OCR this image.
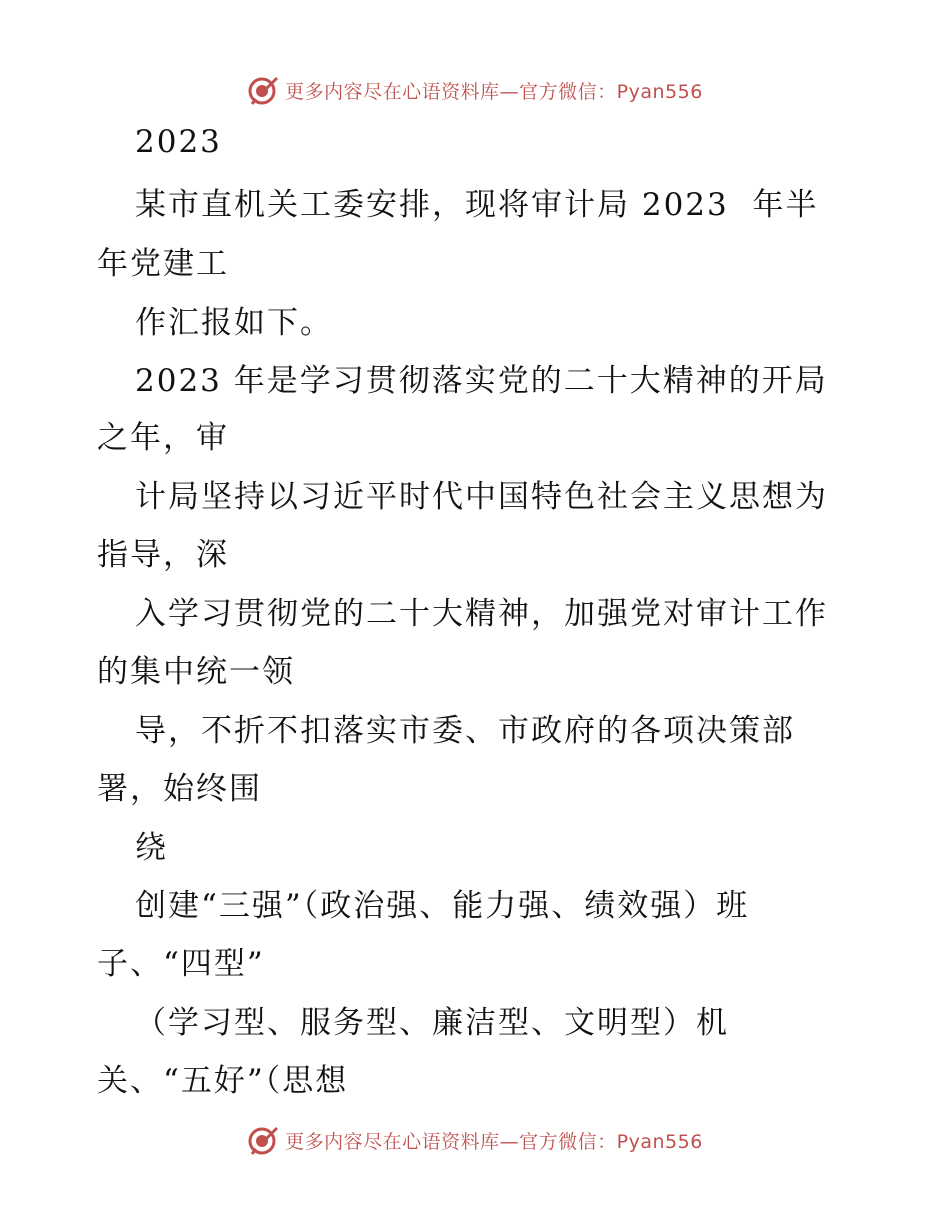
更多内容尽在心语资料库—官方微信：Pyan556
2023
某市直机关工委安排，现将审计局 2023  年半
年党建工
作汇报如下。
2023 年是学习贯彻落实党的二十大精神的开局
之年，审
计局坚持以习近平时代中国特色社会主义思想为
指导，深
入学习贯彻党的二十大精神，加强党对审计工作
的集中统一领
导，不折不扣落实市委、市政府的各项决策部
署，始终围
绕
创建“三强”（政治强、能力强、绩效强）班
子、“四型”
（学习型、服务型、廉洁型、文明型）机
关、“五好”（思想
更多内容尽在心语资料库—官方微信：Pyan556
